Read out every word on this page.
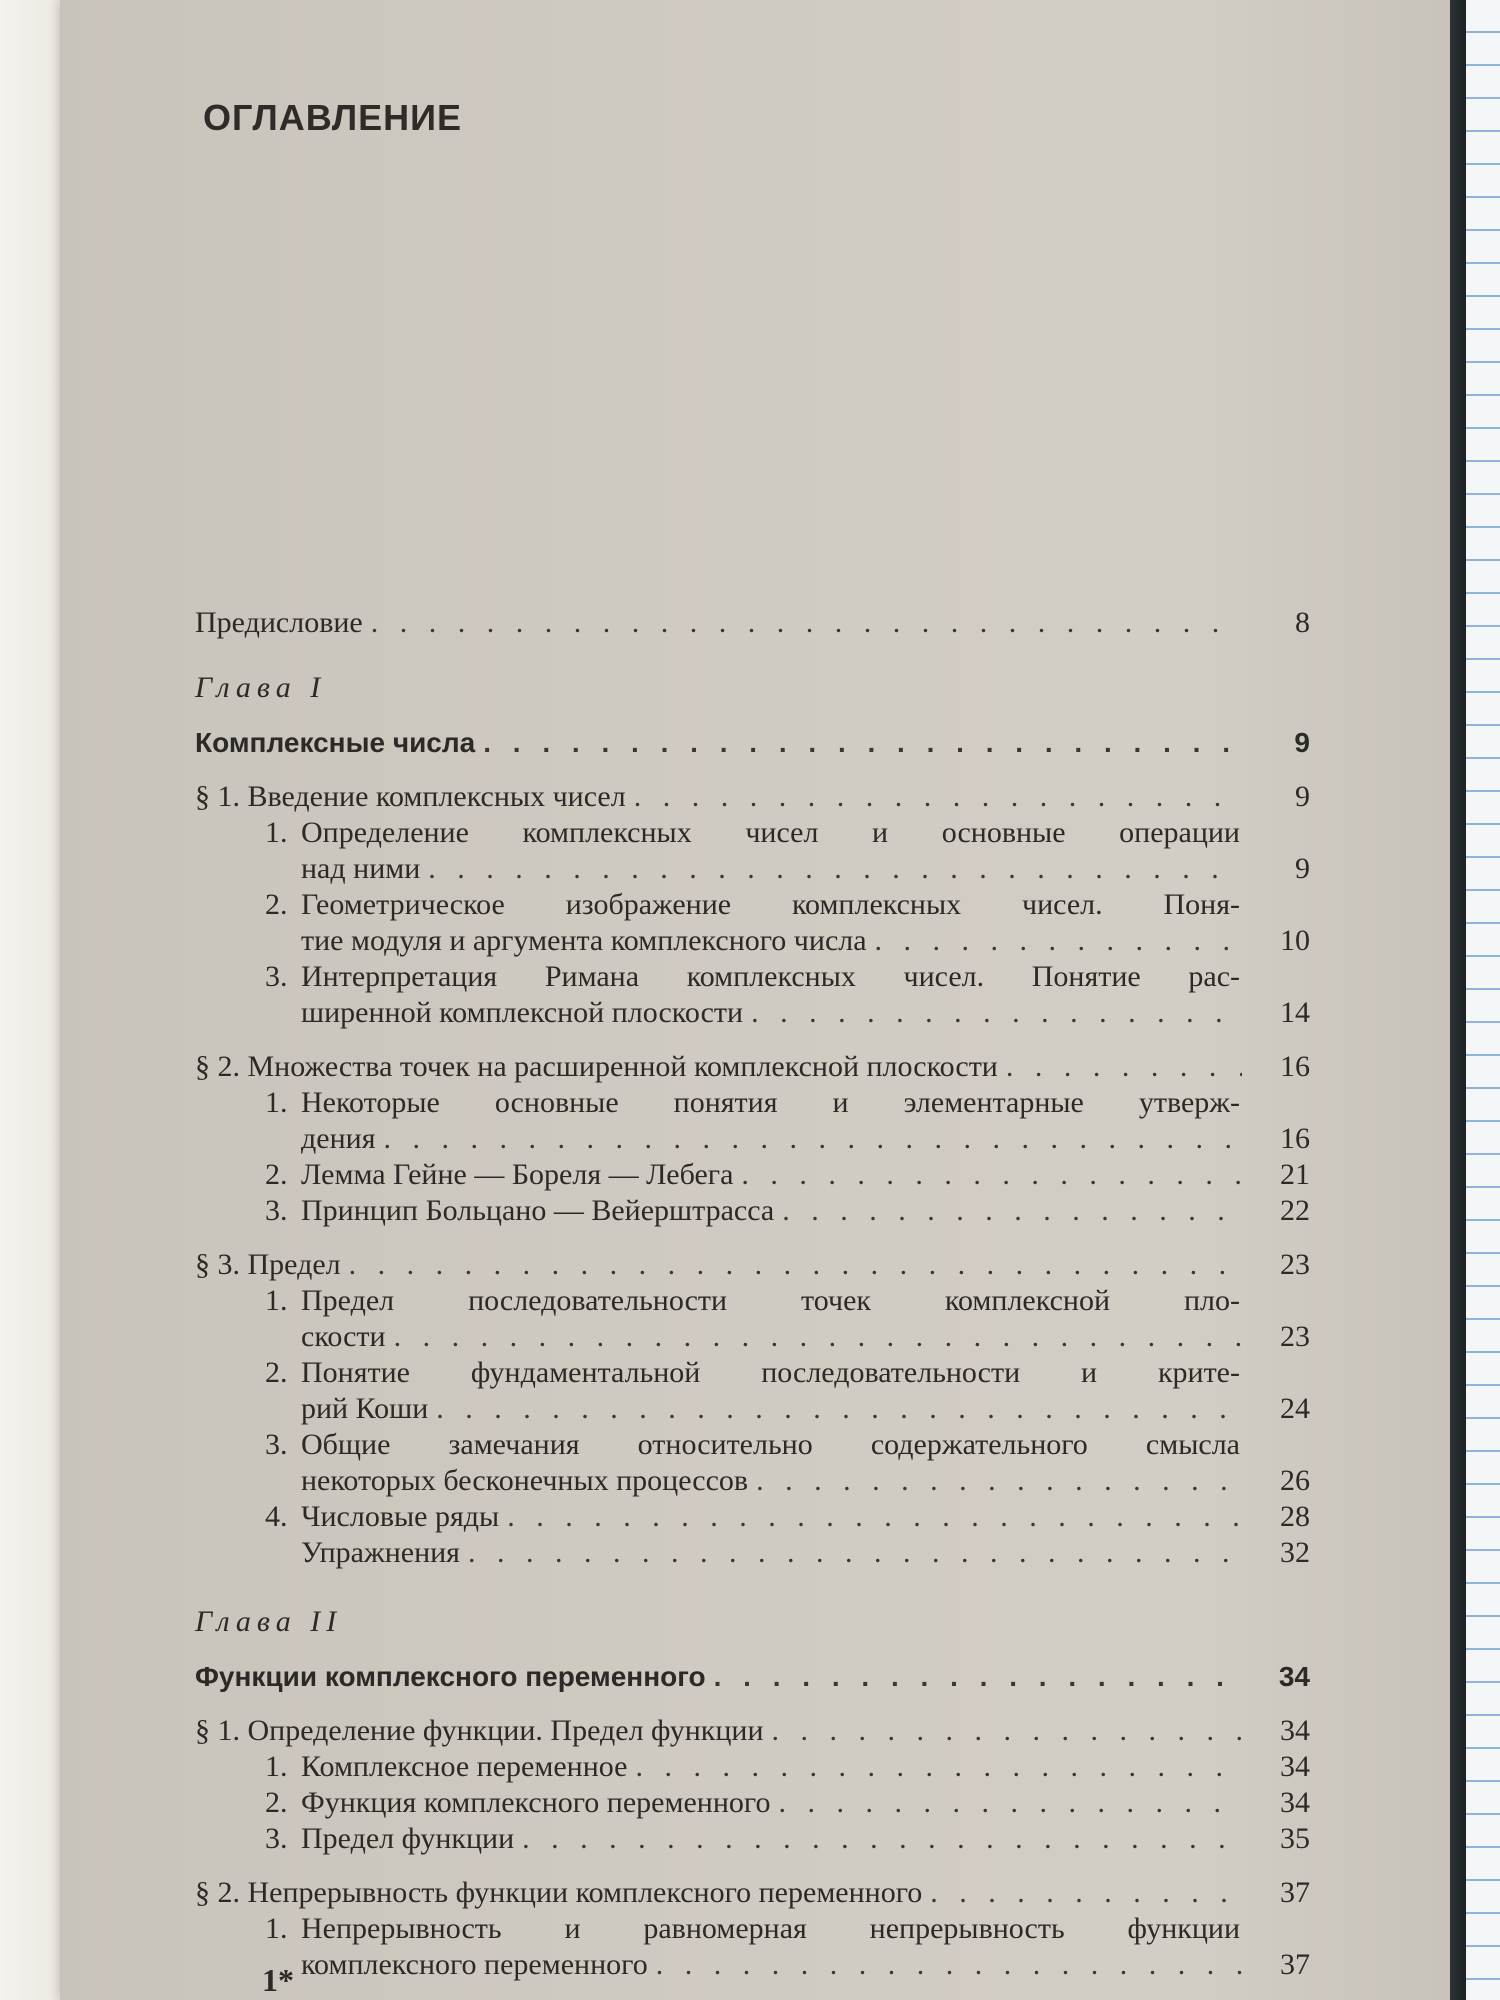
ОГЛАВЛЕНИЕ
Предисловие . . .	8
Глава I
Комплексные числа . . .	9
§ 1. Введение комплексных чисел . . .	9
1. Определение комплексных чисел и основные операции
над ними . . .	9
2. Геометрическое изображение комплексных чисел. Поня-
тие модуля и аргумента комплексного числа . . .	10
3. Интерпретация Римана комплексных чисел. Понятие рас-
ширенной комплексной плоскости . . .	14
§ 2. Множества точек на расширенной комплексной плоскости . . .	16
1. Некоторые основные понятия и элементарные утверж-
дения . . .	16
2. Лемма Гейне — Бореля — Лебега . . .	21
3. Принцип Больцано — Вейерштрасса . . .	22
§ 3. Предел . . .	23
1. Предел последовательности точек комплексной пло-
скости . . .	23
2. Понятие фундаментальной последовательности и крите-
рий Коши . . .	24
3. Общие замечания относительно содержательного смысла
некоторых бесконечных процессов . . .	26
4. Числовые ряды . . .	28
Упражнения . . .	32
Глава II
Функции комплексного переменного . . .	34
§ 1. Определение функции. Предел функции . . .	34
1. Комплексное переменное . . .	34
2. Функция комплексного переменного . . .	34
3. Предел функции . . .	35
§ 2. Непрерывность функции комплексного переменного . . .	37
1. Непрерывность и равномерная непрерывность функции
комплексного переменного . . .	37
1*
